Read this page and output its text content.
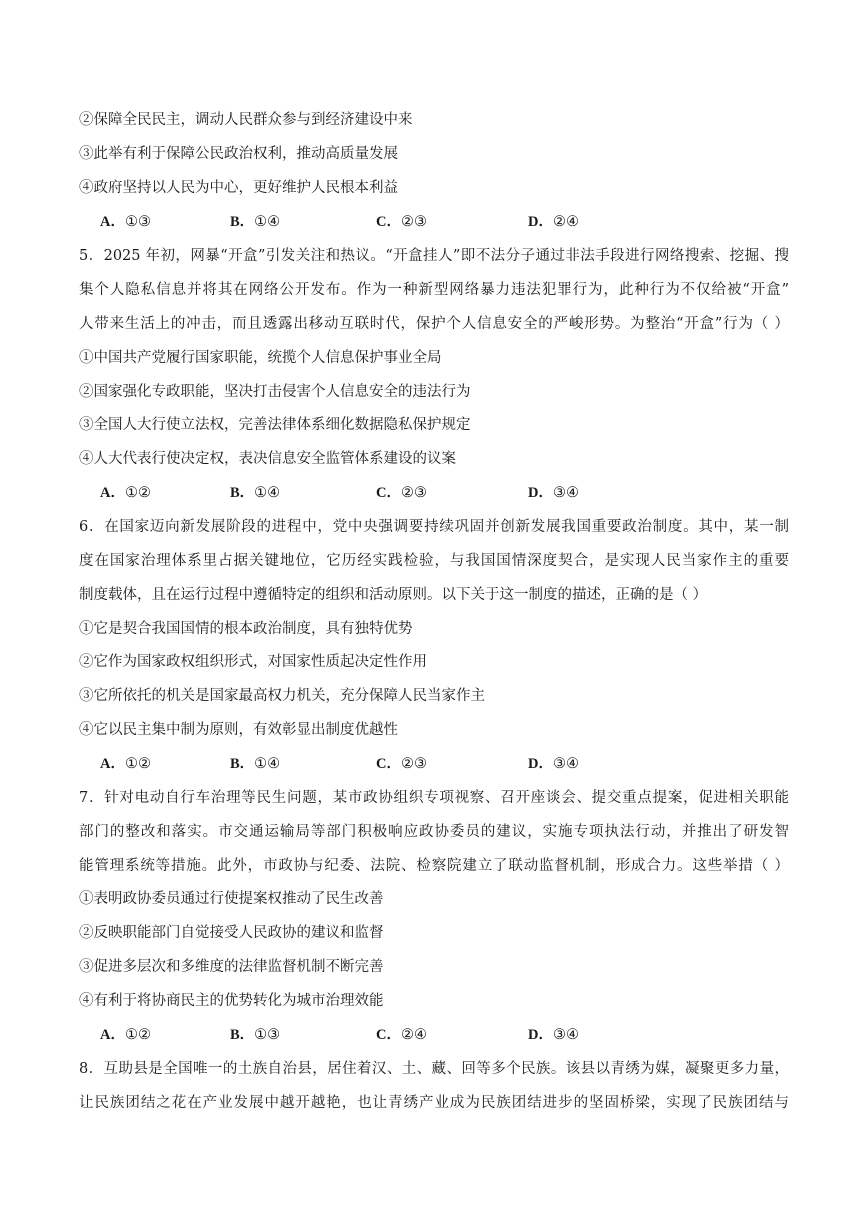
②保障全民民主，调动人民群众参与到经济建设中来
③此举有利于保障公民政治权利，推动高质量发展
④政府坚持以人民为中心，更好维护人民根本利益
A．①③	B．①④	C．②③	D．②④
5．2025 年初，网暴“开盒”引发关注和热议。“开盒挂人”即不法分子通过非法手段进行网络搜索、挖掘、搜
集个人隐私信息并将其在网络公开发布。作为一种新型网络暴力违法犯罪行为，此种行为不仅给被“开盒”
人带来生活上的冲击，而且透露出移动互联时代，保护个人信息安全的严峻形势。为整治“开盒”行为（ ）
①中国共产党履行国家职能，统揽个人信息保护事业全局
②国家强化专政职能，坚决打击侵害个人信息安全的违法行为
③全国人大行使立法权，完善法律体系细化数据隐私保护规定
④人大代表行使决定权，表决信息安全监管体系建设的议案
A．①②	B．①④	C．②③	D．③④
6．在国家迈向新发展阶段的进程中，党中央强调要持续巩固并创新发展我国重要政治制度。其中，某一制
度在国家治理体系里占据关键地位，它历经实践检验，与我国国情深度契合，是实现人民当家作主的重要
制度载体，且在运行过程中遵循特定的组织和活动原则。以下关于这一制度的描述，正确的是（ ）
①它是契合我国国情的根本政治制度，具有独特优势
②它作为国家政权组织形式，对国家性质起决定性作用
③它所依托的机关是国家最高权力机关，充分保障人民当家作主
④它以民主集中制为原则，有效彰显出制度优越性
A．①②	B．①④	C．②③	D．③④
7．针对电动自行车治理等民生问题，某市政协组织专项视察、召开座谈会、提交重点提案，促进相关职能
部门的整改和落实。市交通运输局等部门积极响应政协委员的建议，实施专项执法行动，并推出了研发智
能管理系统等措施。此外，市政协与纪委、法院、检察院建立了联动监督机制，形成合力。这些举措（ ）
①表明政协委员通过行使提案权推动了民生改善
②反映职能部门自觉接受人民政协的建议和监督
③促进多层次和多维度的法律监督机制不断完善
④有利于将协商民主的优势转化为城市治理效能
A．①②	B．①③	C．②④	D．③④
8．互助县是全国唯一的土族自治县，居住着汉、土、藏、回等多个民族。该县以青绣为媒，凝聚更多力量，
让民族团结之花在产业发展中越开越艳，也让青绣产业成为民族团结进步的坚固桥梁，实现了民族团结与
